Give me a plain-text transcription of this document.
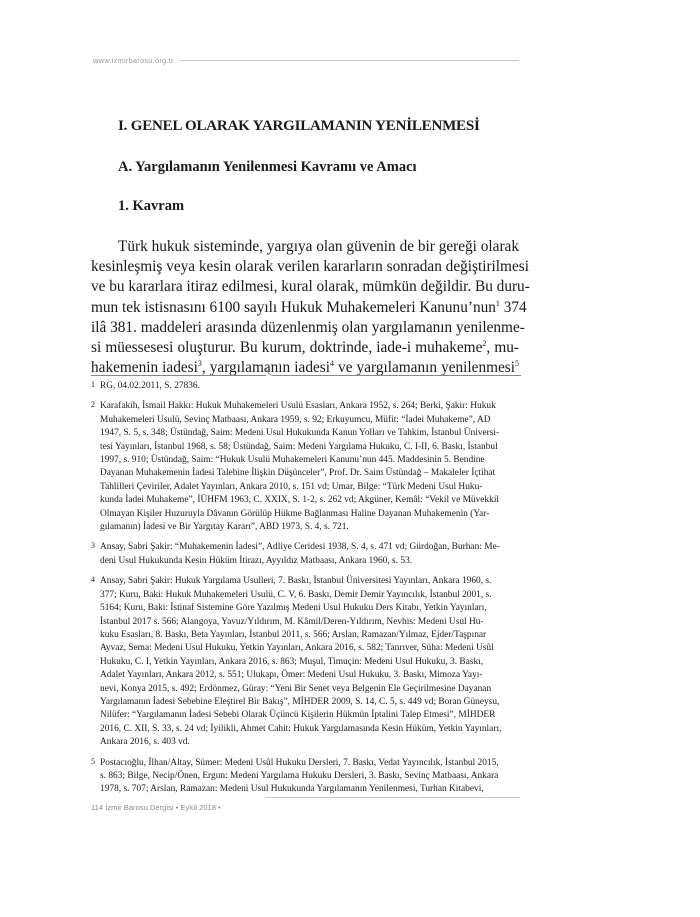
www.izmirbarosu.org.tr
I. GENEL OLARAK YARGILAMANIN YENİLENMESİ
A. Yargılamanın Yenilenmesi Kavramı ve Amacı
1. Kavram
Türk hukuk sisteminde, yargıya olan güvenin de bir gereği olarak
kesinleşmiş veya kesin olarak verilen kararların sonradan değiştirilmesi
ve bu kararlara itiraz edilmesi, kural olarak, mümkün değildir. Bu duru-
mun tek istisnasını 6100 sayılı Hukuk Muhakemeleri Kanunu’nun$^1$ 374
ilâ 381. maddeleri arasında düzenlenmiş olan yargılamanın yenilenme-
si müessesesi oluşturur. Bu kurum, doktrinde, iade-i muhakeme$^2$, mu-
hakemenin iadesi$^3$, yargılamanın iadesi$^4$ ve yargılamanın yenilenmesi$^5$
1 RG, 04.02.2011, S. 27836.
2 Karafakih, İsmail Hakkı: Hukuk Muhakemeleri Usulü Esasları, Ankara 1952, s. 264; Berki, Şakir: Hukuk
Muhakemeleri Usulü, Sevinç Matbaası, Ankara 1959, s. 92; Erkuyumcu, Müfit: “İadei Muhakeme”, AD
1947, S. 5, s. 348; Üstündağ, Saim: Medeni Usul Hukukunda Kanun Yolları ve Tahkim, İstanbul Üniversi-
tesi Yayınları, İstanbul 1968, s. 58; Üstündağ, Saim: Medeni Yargılama Hukuku, C. I-II, 6. Baskı, İstanbul
1997, s. 910; Üstündağ, Saim: “Hukuk Usulü Muhakemeleri Kanunu’nun 445. Maddesinin 5. Bendine
Dayanan Muhakemenin İadesi Talebine İlişkin Düşünceler”, Prof. Dr. Saim Üstündağ – Makaleler İçtihat
Tahlilleri Çeviriler, Adalet Yayınları, Ankara 2010, s. 151 vd; Umar, Bilge: “Türk Medeni Usul Huku-
kunda İadei Muhakeme”, İÜHFM 1963, C. XXIX, S. 1-2, s. 262 vd; Akgüner, Kemâl: “Vekil ve Müvekkil
Olmayan Kişiler Huzuruyla Dâvanın Görülüp Hükme Bağlanması Haline Dayanan Muhakemenin (Yar-
gılamanın) İadesi ve Bir Yargıtay Kararı”, ABD 1973, S. 4, s. 721.
3 Ansay, Sabri Şakir: “Muhakemenin İadesi”, Adliye Ceridesi 1938, S. 4, s. 471 vd; Gürdoğan, Burhan: Me-
deni Usul Hukukunda Kesin Hüküm İtirazı, Ayyıldız Matbaası, Ankara 1960, s. 53.
4 Ansay, Sabri Şakir: Hukuk Yargılama Usulleri, 7. Baskı, İstanbul Üniversitesi Yayınları, Ankara 1960, s.
377; Kuru, Baki: Hukuk Muhakemeleri Usulü, C. V, 6. Baskı, Demir Demir Yayıncılık, İstanbul 2001, s.
5164; Kuru, Baki: İstinaf Sistemine Göre Yazılmış Medeni Usul Hukuku Ders Kitabı, Yetkin Yayınları,
İstanbul 2017 s. 566; Alangoya, Yavuz/Yıldırım, M. Kâmil/Deren-Yıldırım, Nevhis: Medeni Usul Hu-
kuku Esasları, 8. Baskı, Beta Yayınları, İstanbul 2011, s. 566; Arslan, Ramazan/Yılmaz, Ejder/Taşpınar
Ayvaz, Sema: Medeni Usul Hukuku, Yetkin Yayınları, Ankara 2016, s. 582; Tanrıver, Süha: Medeni Usûl
Hukuku, C. I, Yetkin Yayınları, Ankara 2016, s. 863; Muşul, Timuçin: Medeni Usul Hukuku, 3. Baskı,
Adalet Yayınları, Ankara 2012, s. 551; Ulukapı, Ömer: Medeni Usul Hukuku, 3. Baskı, Mimoza Yayı-
nevi, Konya 2015, s. 492; Erdönmez, Güray: “Yeni Bir Senet veya Belgenin Ele Geçirilmesine Dayanan
Yargılamanın İadesi Sebebine Eleştirel Bir Bakış”, MİHDER 2009, S. 14, C. 5, s. 449 vd; Boran Güneysu,
Nilüfer: “Yargılamanın İadesi Sebebi Olarak Üçüncü Kişilerin Hükmün İptalini Talep Etmesi”, MİHDER
2016, C. XII, S. 33, s. 24 vd; İyilikli, Ahmet Cahit: Hukuk Yargılamasında Kesin Hüküm, Yetkin Yayınları,
Ankara 2016, s. 403 vd.
5 Postacıoğlu, İlhan/Altay, Sümer: Medeni Usûl Hukuku Dersleri, 7. Baskı, Vedat Yayıncılık, İstanbul 2015,
s. 863; Bilge, Necip/Önen, Ergun: Medeni Yargılama Hukuku Dersleri, 3. Baskı, Sevinç Matbaası, Ankara
1978, s. 707; Arslan, Ramazan: Medeni Usul Hukukunda Yargılamanın Yenilenmesi, Turhan Kitabevi,
114 İzmir Barosu Dergisi • Eylül 2018 •
